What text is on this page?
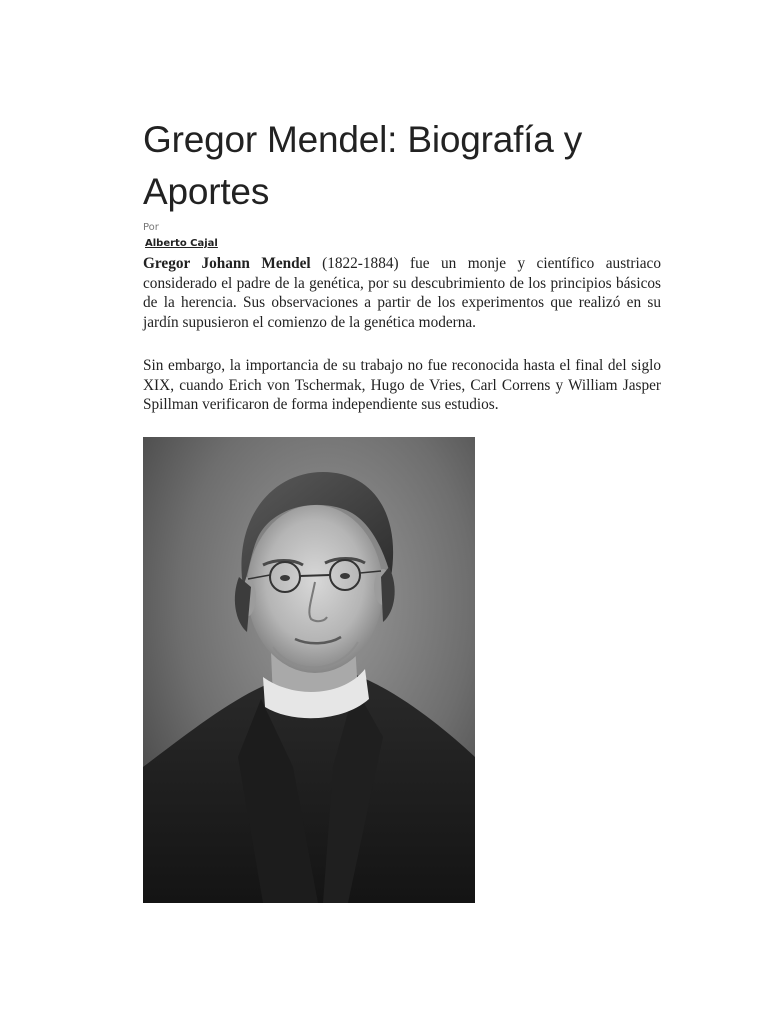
Gregor Mendel: Biografía y Aportes
Por
Alberto Cajal

Gregor Johann Mendel (1822-1884) fue un monje y científico austriaco considerado el padre de la genética, por su descubrimiento de los principios básicos de la herencia. Sus observaciones a partir de los experimentos que realizó en su jardín supusieron el comienzo de la genética moderna.

Sin embargo, la importancia de su trabajo no fue reconocida hasta el final del siglo XIX, cuando Erich von Tschermak, Hugo de Vries, Carl Correns y William Jasper Spillman verificaron de forma independiente sus estudios.
